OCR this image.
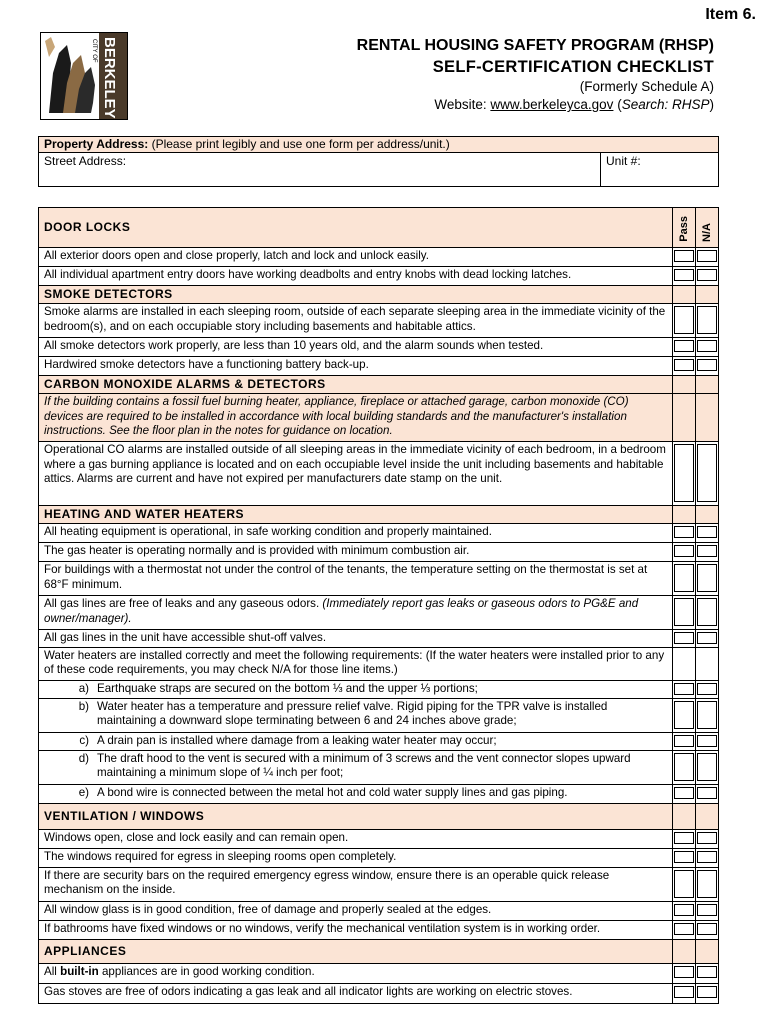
Item 6.
CITY OF BERKELEY	RENTAL HOUSING SAFETY PROGRAM (RHSP)
SELF-CERTIFICATION CHECKLIST
(Formerly Schedule A)
Website: www.berkeleyca.gov (Search: RHSP)
Property Address: (Please print legibly and use one form per address/unit.)
Street Address:	Unit #:
DOOR LOCKS	Pass	N/A
All exterior doors open and close properly, latch and lock and unlock easily.	

All individual apartment entry doors have working deadbolts and entry knobs with dead locking latches.	

SMOKE DETECTORS		
Smoke alarms are installed in each sleeping room, outside of each separate sleeping area in the immediate vicinity of the bedroom(s), and on each occupiable story including basements and habitable attics.	

All smoke detectors work properly, are less than 10 years old, and the alarm sounds when tested.	

Hardwired smoke detectors have a functioning battery back-up.	

CARBON MONOXIDE ALARMS & DETECTORS		
If the building contains a fossil fuel burning heater, appliance, fireplace or attached garage, carbon monoxide (CO) devices are required to be installed in accordance with local building standards and the manufacturer's installation instructions. See the floor plan in the notes for guidance on location.		
Operational CO alarms are installed outside of all sleeping areas in the immediate vicinity of each bedroom, in a bedroom where a gas burning appliance is located and on each occupiable level inside the unit including basements and habitable attics. Alarms are current and have not expired per manufacturers date stamp on the unit.	

HEATING AND WATER HEATERS		
All heating equipment is operational, in safe working condition and properly maintained.	

The gas heater is operating normally and is provided with minimum combustion air.	

For buildings with a thermostat not under the control of the tenants, the temperature setting on the thermostat is set at 68°F minimum.	

All gas lines are free of leaks and any gaseous odors. (Immediately report gas leaks or gaseous odors to PG&E and owner/manager).	

All gas lines in the unit have accessible shut-off valves.	

Water heaters are installed correctly and meet the following requirements: (If the water heaters were installed prior to any of these code requirements, you may check N/A for those line items.)		

a) Earthquake straps are secured on the bottom ⅓ and the upper ⅓ portions;		

b) Water heater has a temperature and pressure relief valve. Rigid piping for the TPR valve is installed maintaining a downward slope terminating between 6 and 24 inches above grade;		

c) A drain pan is installed where damage from a leaking water heater may occur;		

d) The draft hood to the vent is secured with a minimum of 3 screws and the vent connector slopes upward maintaining a minimum slope of ¼ inch per foot;		

e) A bond wire is connected between the metal hot and cold water supply lines and gas piping.		

VENTILATION / WINDOWS		
Windows open, close and lock easily and can remain open.	

The windows required for egress in sleeping rooms open completely.	

If there are security bars on the required emergency egress window, ensure there is an operable quick release mechanism on the inside.	

All window glass is in good condition, free of damage and properly sealed at the edges.	

If bathrooms have fixed windows or no windows, verify the mechanical ventilation system is in working order.	

APPLIANCES		
All built-in appliances are in good working condition.	

Gas stoves are free of odors indicating a gas leak and all indicator lights are working on electric stoves.	
